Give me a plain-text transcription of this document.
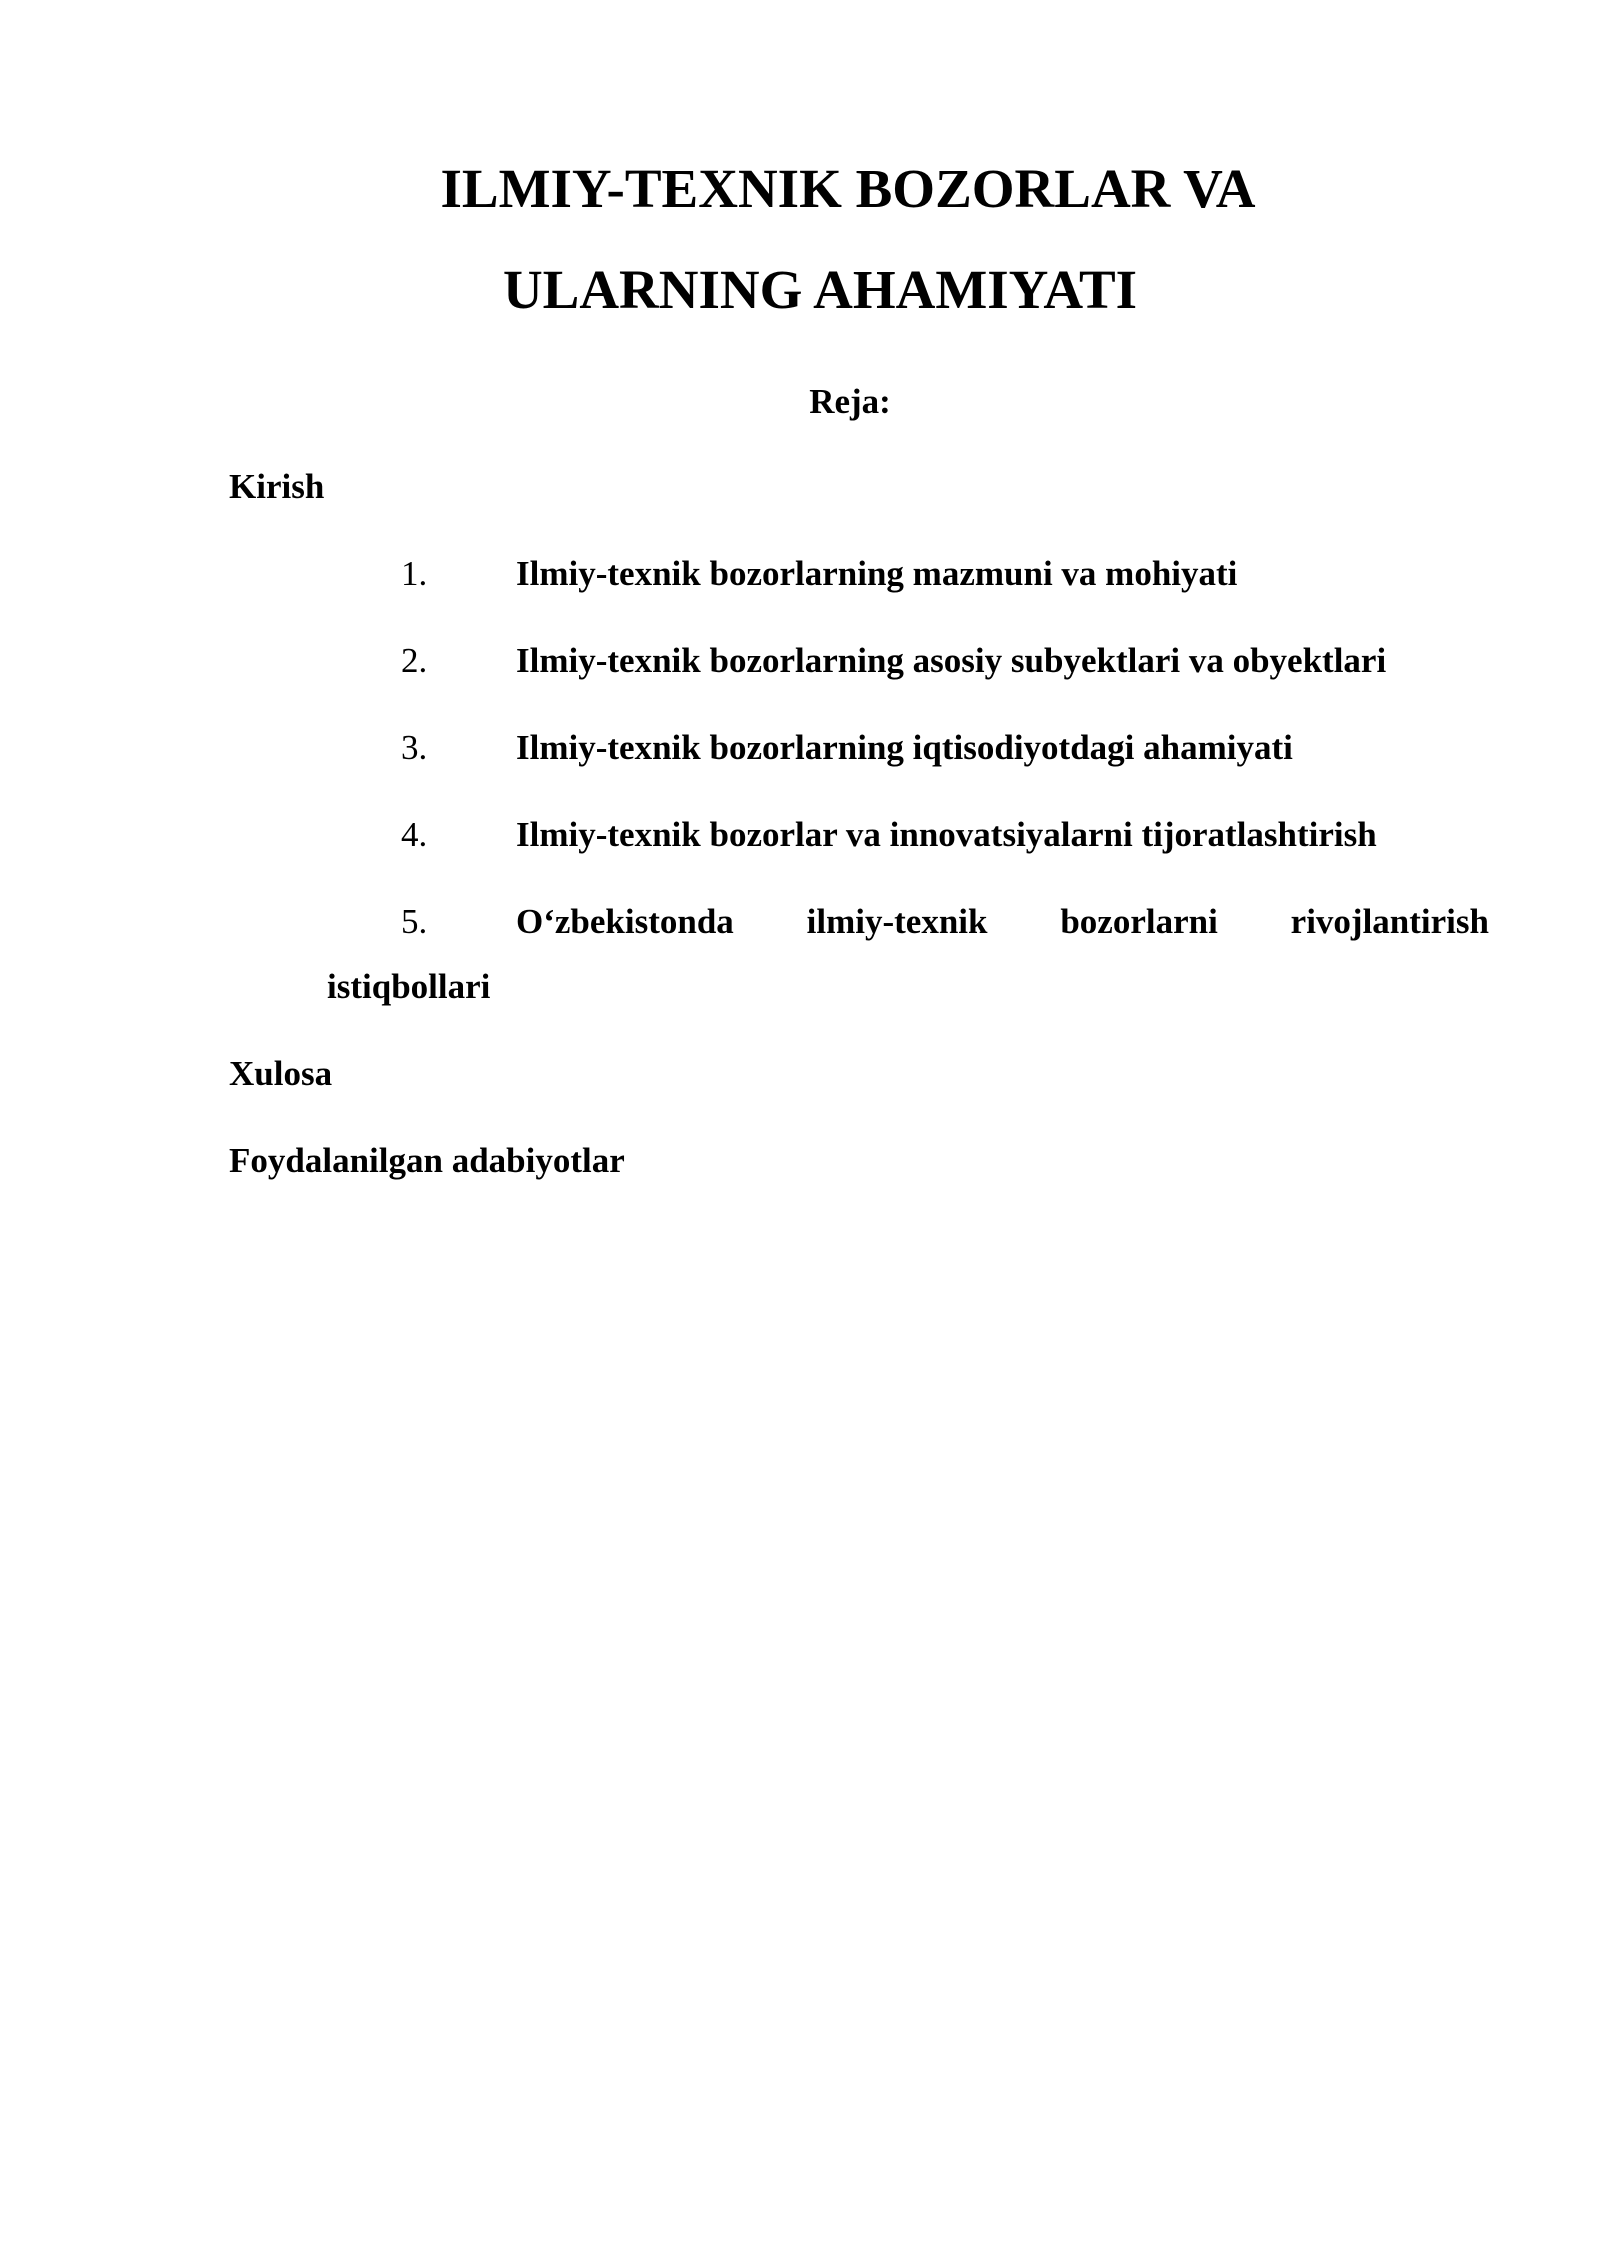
ILMIY-TEXNIK BOZORLAR VA
ULARNING AHAMIYATI
Reja:
Kirish
1.	Ilmiy-texnik bozorlarning mazmuni va mohiyati
2.	Ilmiy-texnik bozorlarning asosiy subyektlari va obyektlari
3.	Ilmiy-texnik bozorlarning iqtisodiyotdagi ahamiyati
4.	Ilmiy-texnik bozorlar va innovatsiyalarni tijoratlashtirish
5.	O‘zbekistonda ilmiy-texnik bozorlarni rivojlantirish
istiqbollari
Xulosa
Foydalanilgan adabiyotlar
